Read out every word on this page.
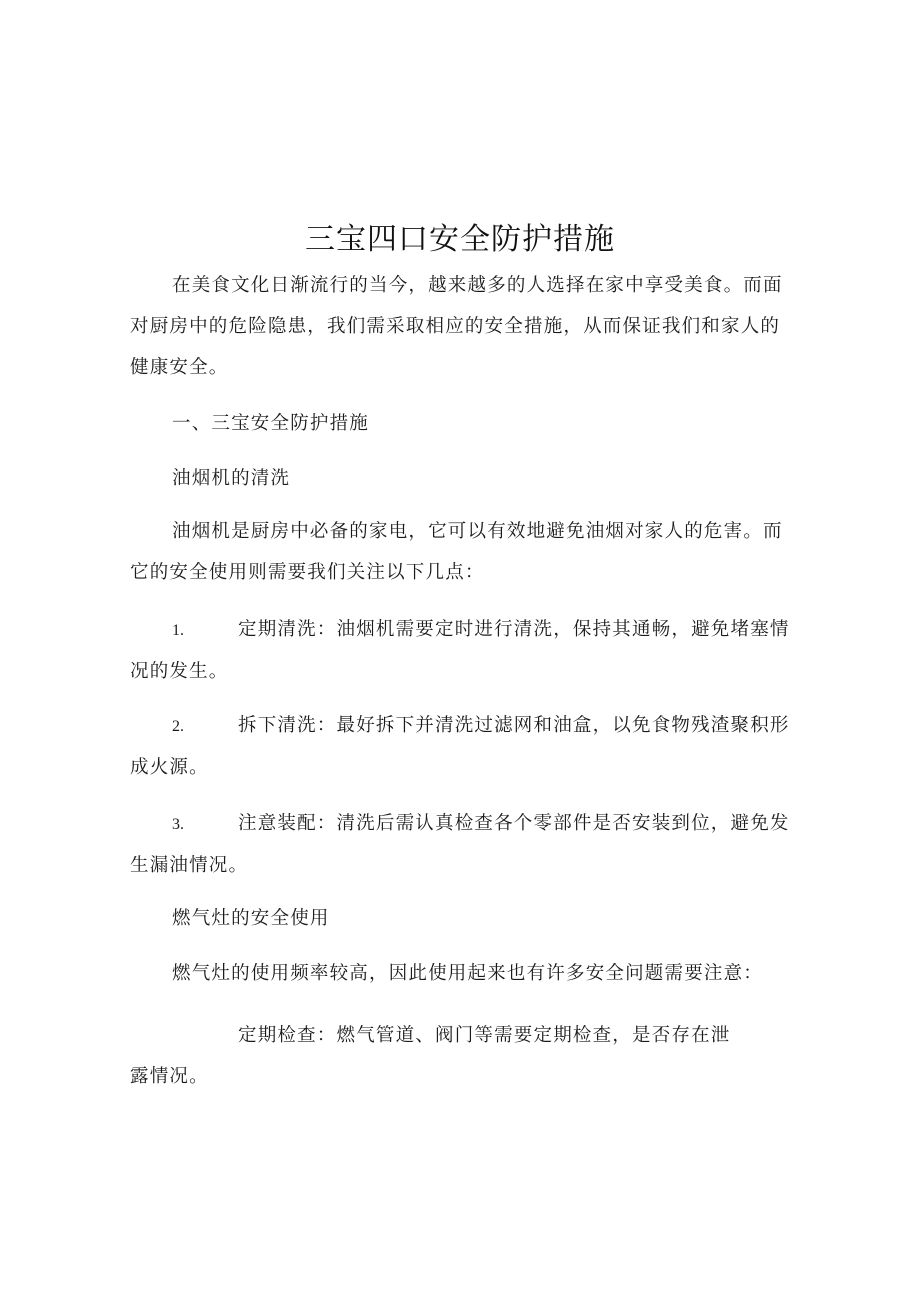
三宝四口安全防护措施

在美食文化日渐流行的当今，越来越多的人选择在家中享受美食。而面对厨房中的危险隐患，我们需采取相应的安全措施，从而保证我们和家人的健康安全。

一、三宝安全防护措施

油烟机的清洗

油烟机是厨房中必备的家电，它可以有效地避免油烟对家人的危害。而它的安全使用则需要我们关注以下几点：

1.	定期清洗：油烟机需要定时进行清洗，保持其通畅，避免堵塞情况的发生。

2.	拆下清洗：最好拆下并清洗过滤网和油盒，以免食物残渣聚积形成火源。

3.	注意装配：清洗后需认真检查各个零部件是否安装到位，避免发生漏油情况。

燃气灶的安全使用

燃气灶的使用频率较高，因此使用起来也有许多安全问题需要注意：

定期检查：燃气管道、阀门等需要定期检查，是否存在泄
露情况。
